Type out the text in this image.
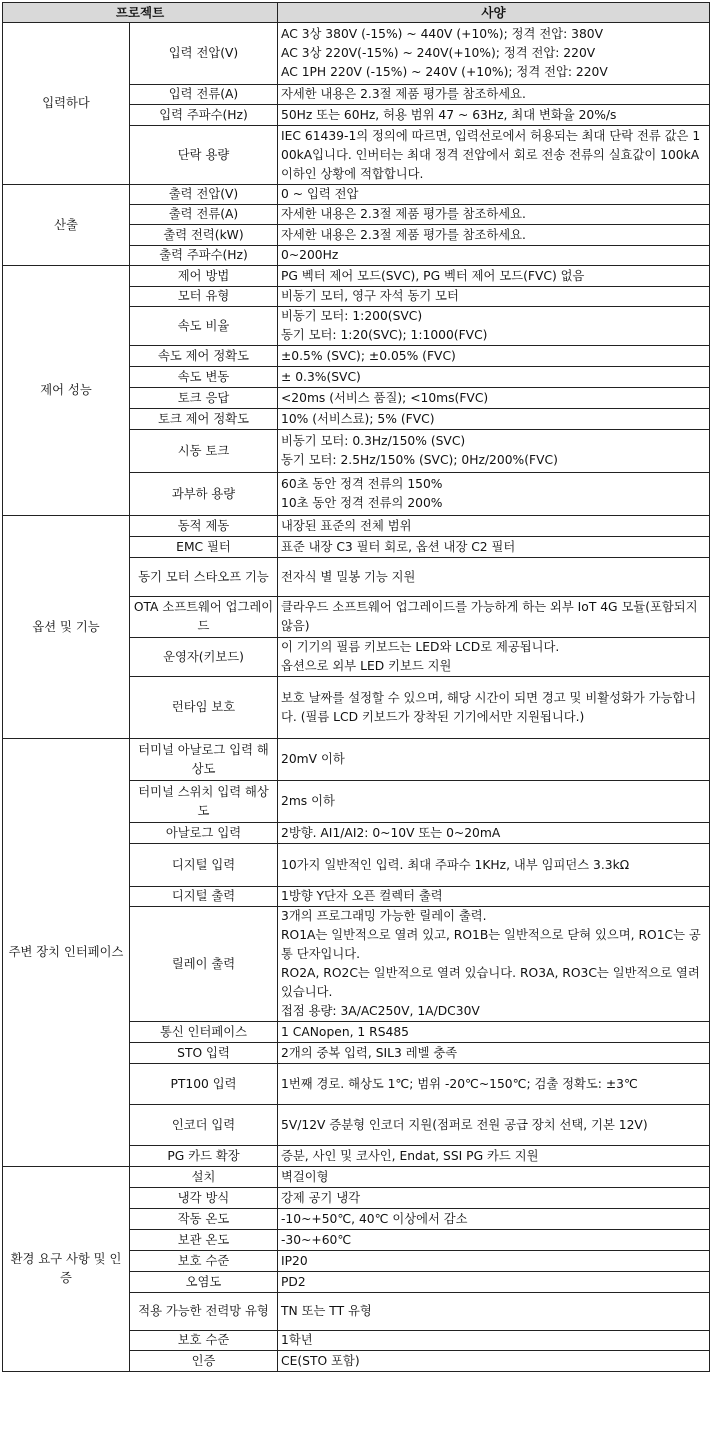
프로젝트		사양
입력하다	입력 전압(V)	AC 3상 380V (-15%) ~ 440V (+10%); 정격 전압: 380V
AC 3상 220V(-15%) ~ 240V(+10%); 정격 전압: 220V
AC 1PH 220V (-15%) ~ 240V (+10%); 정격 전압: 220V

	입력 전류(A)	자세한 내용은 2.3절 제품 평가를 참조하세요.

	입력 주파수(Hz)	50Hz 또는 60Hz, 허용 범위 47 ~ 63Hz, 최대 변화율 20%/s

	단락 용량	IEC 61439-1의 정의에 따르면, 입력선로에서 허용되는 최대 단락 전류 값은 100kA입니다. 인버터는 최대 정격 전압에서 회로 전송 전류의 실효값이 100kA 이하인 상황에 적합합니다.

산출	출력 전압(V)	0 ~ 입력 전압

	출력 전류(A)	자세한 내용은 2.3절 제품 평가를 참조하세요.

	출력 전력(kW)	자세한 내용은 2.3절 제품 평가를 참조하세요.

	출력 주파수(Hz)	0~200Hz

제어 성능	제어 방법	PG 벡터 제어 모드(SVC), PG 벡터 제어 모드(FVC) 없음

	모터 유형	비동기 모터, 영구 자석 동기 모터

	속도 비율	비동기 모터: 1:200(SVC)
동기 모터: 1:20(SVC); 1:1000(FVC)

	속도 제어 정확도	±0.5% (SVC); ±0.05% (FVC)

	속도 변동	± 0.3%(SVC)

	토크 응답	<20ms (서비스 품질); <10ms(FVC)

	토크 제어 정확도	10% (서비스료); 5% (FVC)

	시동 토크	비동기 모터: 0.3Hz/150% (SVC)
동기 모터: 2.5Hz/150% (SVC); 0Hz/200%(FVC)

	과부하 용량	60초 동안 정격 전류의 150%
10초 동안 정격 전류의 200%

옵션 및 기능	동적 제동	내장된 표준의 전체 범위

	EMC 필터	표준 내장 C3 필터 회로, 옵션 내장 C2 필터

	동기 모터 스타오프 기능	전자식 별 밀봉 기능 지원

	OTA 소프트웨어 업그레이드	클라우드 소프트웨어 업그레이드를 가능하게 하는 외부 IoT 4G 모듈(포함되지 않음)

	운영자(키보드)	이 기기의 필름 키보드는 LED와 LCD로 제공됩니다.
옵션으로 외부 LED 키보드 지원

	런타임 보호	보호 날짜를 설정할 수 있으며, 해당 시간이 되면 경고 및 비활성화가 가능합니다. (필름 LCD 키보드가 장착된 기기에서만 지원됩니다.)

주변 장치 인터페이스	터미널 아날로그 입력 해상도	20mV 이하

	터미널 스위치 입력 해상도	2ms 이하

	아날로그 입력	2방향. AI1/AI2: 0~10V 또는 0~20mA

	디지털 입력	10가지 일반적인 입력. 최대 주파수 1KHz, 내부 임피던스 3.3kΩ

	디지털 출력	1방향 Y단자 오픈 컬렉터 출력

	릴레이 출력	3개의 프로그래밍 가능한 릴레이 출력.
RO1A는 일반적으로 열려 있고, RO1B는 일반적으로 닫혀 있으며, RO1C는 공통 단자입니다.
RO2A, RO2C는 일반적으로 열려 있습니다. RO3A, RO3C는 일반적으로 열려 있습니다.
접점 용량: 3A/AC250V, 1A/DC30V

	통신 인터페이스	1 CANopen, 1 RS485

	STO 입력	2개의 중복 입력, SIL3 레벨 충족

	PT100 입력	1번째 경로. 해상도 1℃; 범위 -20℃~150℃; 검출 정확도: ±3℃

	인코더 입력	5V/12V 증분형 인코더 지원(점퍼로 전원 공급 장치 선택, 기본 12V)

	PG 카드 확장	증분, 사인 및 코사인, Endat, SSI PG 카드 지원

환경 요구 사항 및 인증	설치	벽걸이형

	냉각 방식	강제 공기 냉각

	작동 온도	-10~+50℃, 40℃ 이상에서 감소

	보관 온도	-30~+60℃

	보호 수준	IP20

	오염도	PD2

	적용 가능한 전력망 유형	TN 또는 TT 유형

	보호 수준	1학년

	인증	CE(STO 포함)
